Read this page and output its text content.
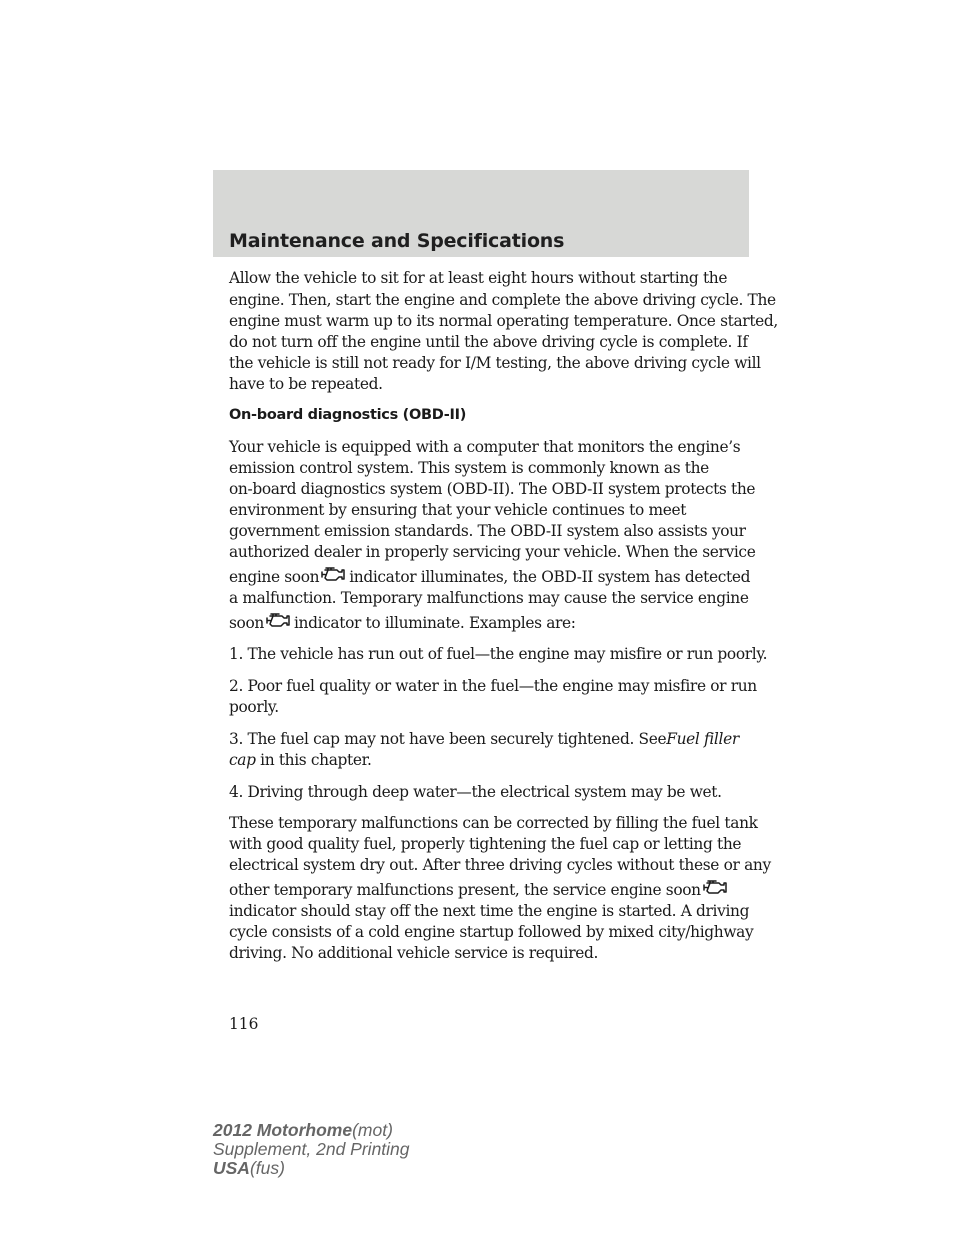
Maintenance and Specifications
Allow the vehicle to sit for at least eight hours without starting the
engine. Then, start the engine and complete the above driving cycle. The
engine must warm up to its normal operating temperature. Once started,
do not turn off the engine until the above driving cycle is complete. If
the vehicle is still not ready for I/M testing, the above driving cycle will
have to be repeated.
On-board diagnostics (OBD-II)
Your vehicle is equipped with a computer that monitors the engine’s
emission control system. This system is commonly known as the
on-board diagnostics system (OBD-II). The OBD-II system protects the
environment by ensuring that your vehicle continues to meet
government emission standards. The OBD-II system also assists your
authorized dealer in properly servicing your vehicle. When the service
engine soon indicator illuminates, the OBD-II system has detected
a malfunction. Temporary malfunctions may cause the service engine
soon indicator to illuminate. Examples are:
1. The vehicle has run out of fuel—the engine may misfire or run poorly.
2. Poor fuel quality or water in the fuel—the engine may misfire or run
poorly.
3. The fuel cap may not have been securely tightened. SeeFuel filler
cap in this chapter.
4. Driving through deep water—the electrical system may be wet.
These temporary malfunctions can be corrected by filling the fuel tank
with good quality fuel, properly tightening the fuel cap or letting the
electrical system dry out. After three driving cycles without these or any
other temporary malfunctions present, the service engine soon
indicator should stay off the next time the engine is started. A driving
cycle consists of a cold engine startup followed by mixed city/highway
driving. No additional vehicle service is required.
116
2012 Motorhome(mot)
Supplement, 2nd Printing
USA(fus)
